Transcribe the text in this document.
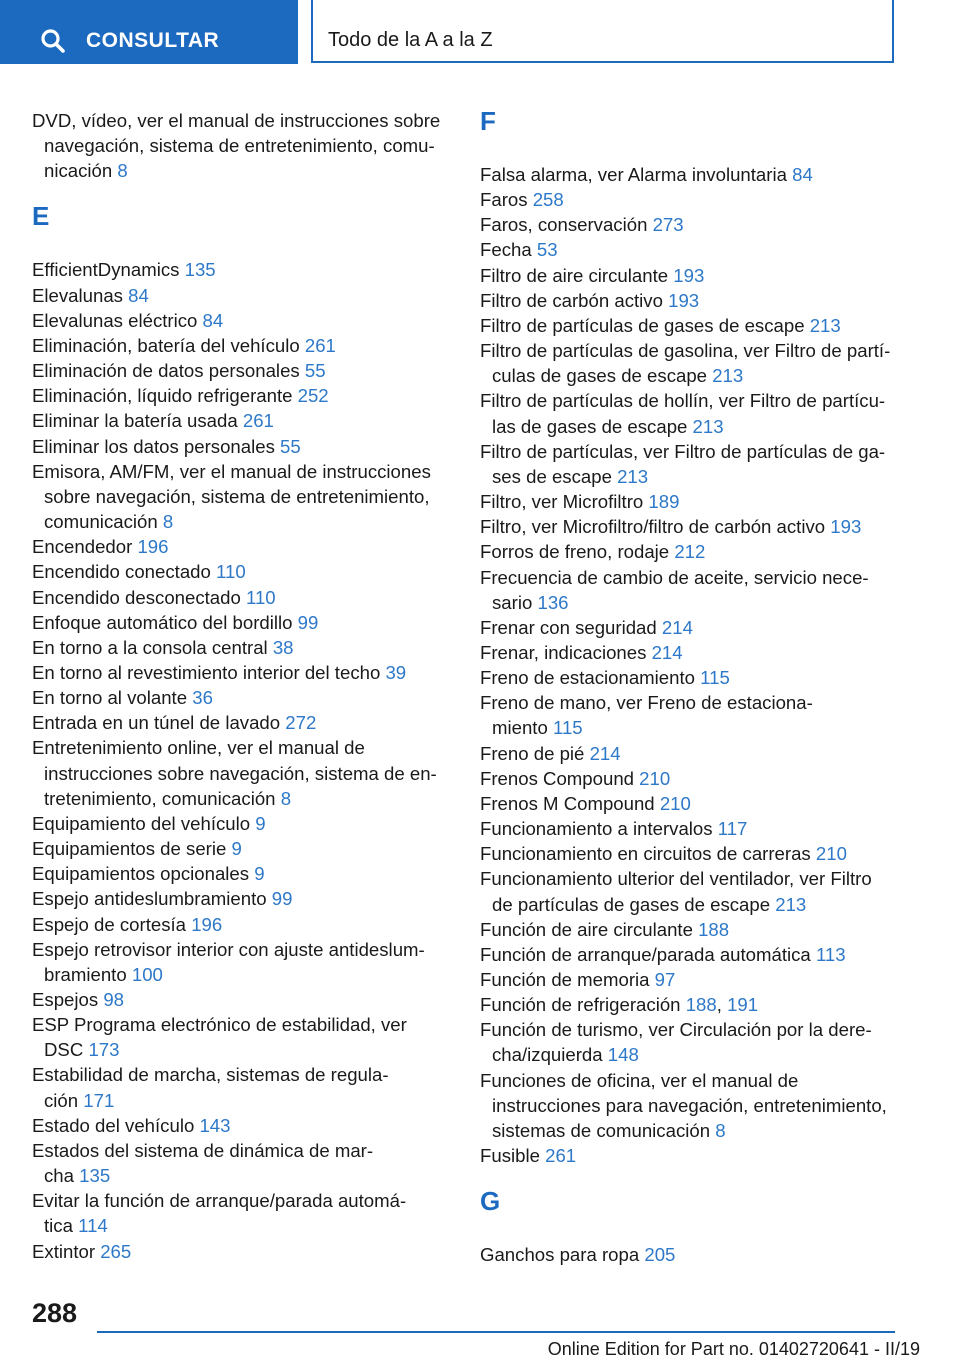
CONSULTAR	Todo de la A a la Z
DVD, vídeo, ver el manual de instrucciones sobre
navegación, sistema de entretenimiento, comu-
nicación 8
E
EfficientDynamics 135
Elevalunas 84
Elevalunas eléctrico 84
Eliminación, batería del vehículo 261
Eliminación de datos personales 55
Eliminación, líquido refrigerante 252
Eliminar la batería usada 261
Eliminar los datos personales 55
Emisora, AM/FM, ver el manual de instrucciones
sobre navegación, sistema de entretenimiento,
comunicación 8
Encendedor 196
Encendido conectado 110
Encendido desconectado 110
Enfoque automático del bordillo 99
En torno a la consola central 38
En torno al revestimiento interior del techo 39
En torno al volante 36
Entrada en un túnel de lavado 272
Entretenimiento online, ver el manual de
instrucciones sobre navegación, sistema de en-
tretenimiento, comunicación 8
Equipamiento del vehículo 9
Equipamientos de serie 9
Equipamientos opcionales 9
Espejo antideslumbramiento 99
Espejo de cortesía 196
Espejo retrovisor interior con ajuste antideslum-
bramiento 100
Espejos 98
ESP Programa electrónico de estabilidad, ver
DSC 173
Estabilidad de marcha, sistemas de regula-
ción 171
Estado del vehículo 143
Estados del sistema de dinámica de mar-
cha 135
Evitar la función de arranque/parada automá-
tica 114
Extintor 265
F
Falsa alarma, ver Alarma involuntaria 84
Faros 258
Faros, conservación 273
Fecha 53
Filtro de aire circulante 193
Filtro de carbón activo 193
Filtro de partículas de gases de escape 213
Filtro de partículas de gasolina, ver Filtro de partí-
culas de gases de escape 213
Filtro de partículas de hollín, ver Filtro de partícu-
las de gases de escape 213
Filtro de partículas, ver Filtro de partículas de ga-
ses de escape 213
Filtro, ver Microfiltro 189
Filtro, ver Microfiltro/filtro de carbón activo 193
Forros de freno, rodaje 212
Frecuencia de cambio de aceite, servicio nece-
sario 136
Frenar con seguridad 214
Frenar, indicaciones 214
Freno de estacionamiento 115
Freno de mano, ver Freno de estaciona-
miento 115
Freno de pié 214
Frenos Compound 210
Frenos M Compound 210
Funcionamiento a intervalos 117
Funcionamiento en circuitos de carreras 210
Funcionamiento ulterior del ventilador, ver Filtro
de partículas de gases de escape 213
Función de aire circulante 188
Función de arranque/parada automática 113
Función de memoria 97
Función de refrigeración 188, 191
Función de turismo, ver Circulación por la dere-
cha/izquierda 148
Funciones de oficina, ver el manual de
instrucciones para navegación, entretenimiento,
sistemas de comunicación 8
Fusible 261
G
Ganchos para ropa 205
288
Online Edition for Part no. 01402720641 - II/19
